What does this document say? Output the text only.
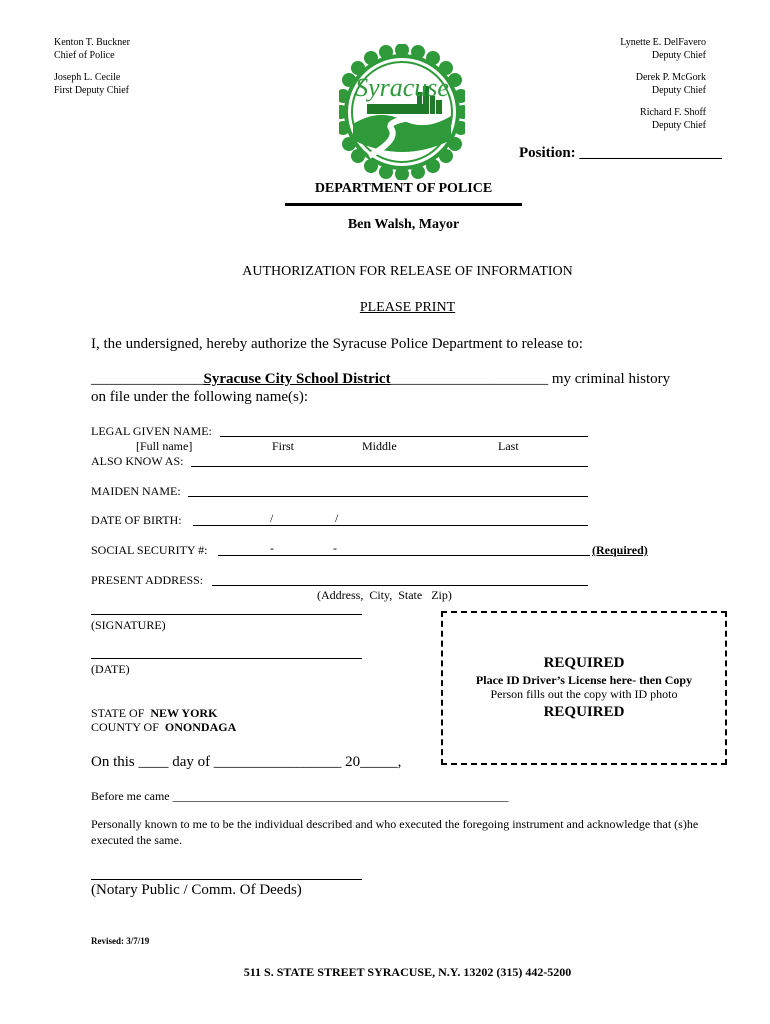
Kenton T. Buckner
Chief of Police
Joseph L. Cecile
First Deputy Chief
Lynette E. DelFavero
Deputy Chief
Derek P. McGork
Deputy Chief
Richard F. Shoff
Deputy Chief
Syracuse
Position: ___________________
DEPARTMENT OF POLICE
Ben Walsh, Mayor
AUTHORIZATION FOR RELEASE OF INFORMATION
PLEASE PRINT
I, the undersigned, hereby authorize the Syracuse Police Department to release to:
_______________Syracuse City School District_____________________ my criminal history
on file under the following name(s):
LEGAL GIVEN NAME:
[Full name]	First	Middle	Last
ALSO KNOW AS:
MAIDEN NAME:
DATE OF BIRTH:	/	/
SOCIAL SECURITY #:	-	-	(Required)
PRESENT ADDRESS:
(Address,  City,  State   Zip)
(SIGNATURE)
(DATE)	REQUIRED
Place ID Driver’s License here- then Copy
Person fills out the copy with ID photo
REQUIRED
STATE OF NEW YORK
COUNTY OF ONONDAGA
On this ____ day of _________________ 20_____,
Before me came ________________________________________________________
Personally known to me to be the individual described and who executed the foregoing instrument and acknowledge that (s)he executed the same.
(Notary Public / Comm. Of Deeds)
Revised: 3/7/19
511 S. STATE STREET SYRACUSE, N.Y. 13202 (315) 442-5200
